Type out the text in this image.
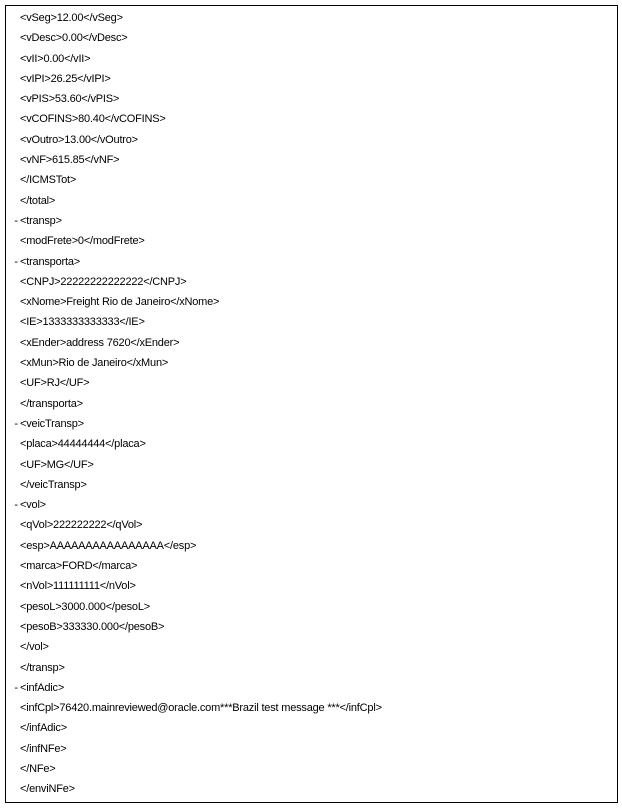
<vSeg>12.00</vSeg>
<vDesc>0.00</vDesc>
<vII>0.00</vII>
<vIPI>26.25</vIPI>
<vPIS>53.60</vPIS>
<vCOFINS>80.40</vCOFINS>
<vOutro>13.00</vOutro>
<vNF>615.85</vNF>
</ICMSTot>
</total>
- <transp>
<modFrete>0</modFrete>
- <transporta>
<CNPJ>22222222222222</CNPJ>
<xNome>Freight Rio de Janeiro</xNome>
<IE>1333333333333</IE>
<xEnder>address 7620</xEnder>
<xMun>Rio de Janeiro</xMun>
<UF>RJ</UF>
</transporta>
- <veicTransp>
<placa>44444444</placa>
<UF>MG</UF>
</veicTransp>
- <vol>
<qVol>222222222</qVol>
<esp>AAAAAAAAAAAAAAAA</esp>
<marca>FORD</marca>
<nVol>111111111</nVol>
<pesoL>3000.000</pesoL>
<pesoB>333330.000</pesoB>
</vol>
</transp>
- <infAdic>
<infCpl>76420.mainreviewed@oracle.com***Brazil test message ***</infCpl>
</infAdic>
</infNFe>
</NFe>
</enviNFe>
